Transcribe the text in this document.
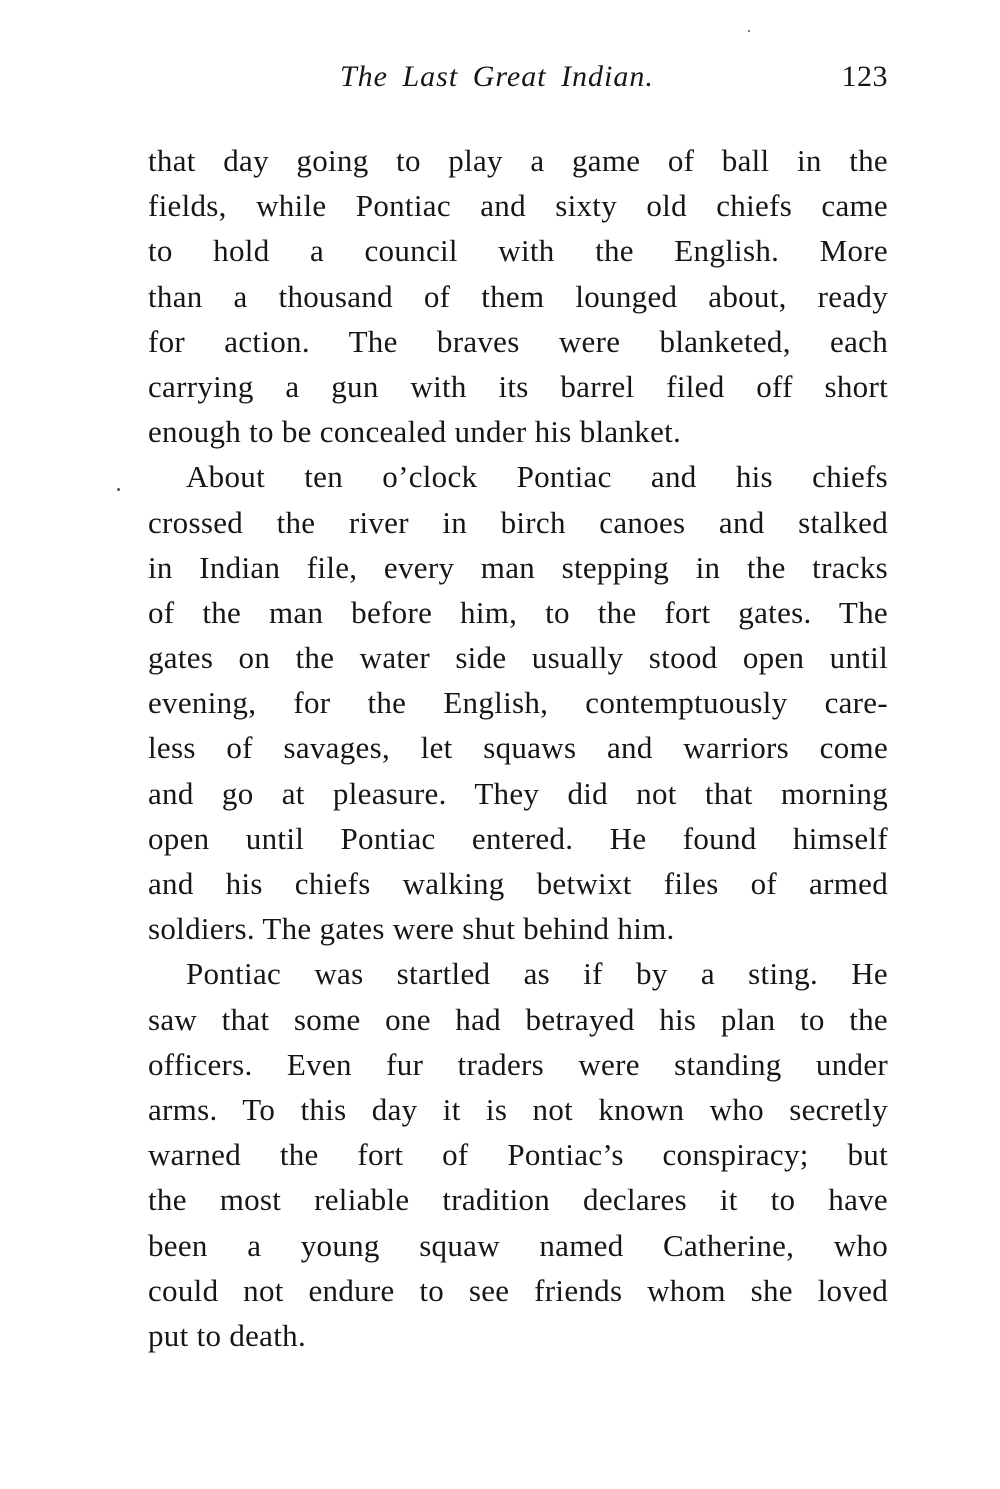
The Last Great Indian.	123
that day going to play a game of ball in the
fields, while Pontiac and sixty old chiefs came
to hold a council with the English. More
than a thousand of them lounged about, ready
for action. The braves were blanketed, each
carrying a gun with its barrel filed off short
enough to be concealed under his blanket.
About ten o’clock Pontiac and his chiefs
crossed the river in birch canoes and stalked
in Indian file, every man stepping in the tracks
of the man before him, to the fort gates. The
gates on the water side usually stood open until
evening, for the English, contemptuously care-
less of savages, let squaws and warriors come
and go at pleasure. They did not that morning
open until Pontiac entered. He found himself
and his chiefs walking betwixt files of armed
soldiers. The gates were shut behind him.
Pontiac was startled as if by a sting. He
saw that some one had betrayed his plan to the
officers. Even fur traders were standing under
arms. To this day it is not known who secretly
warned the fort of Pontiac’s conspiracy; but
the most reliable tradition declares it to have
been a young squaw named Catherine, who
could not endure to see friends whom she loved
put to death.
